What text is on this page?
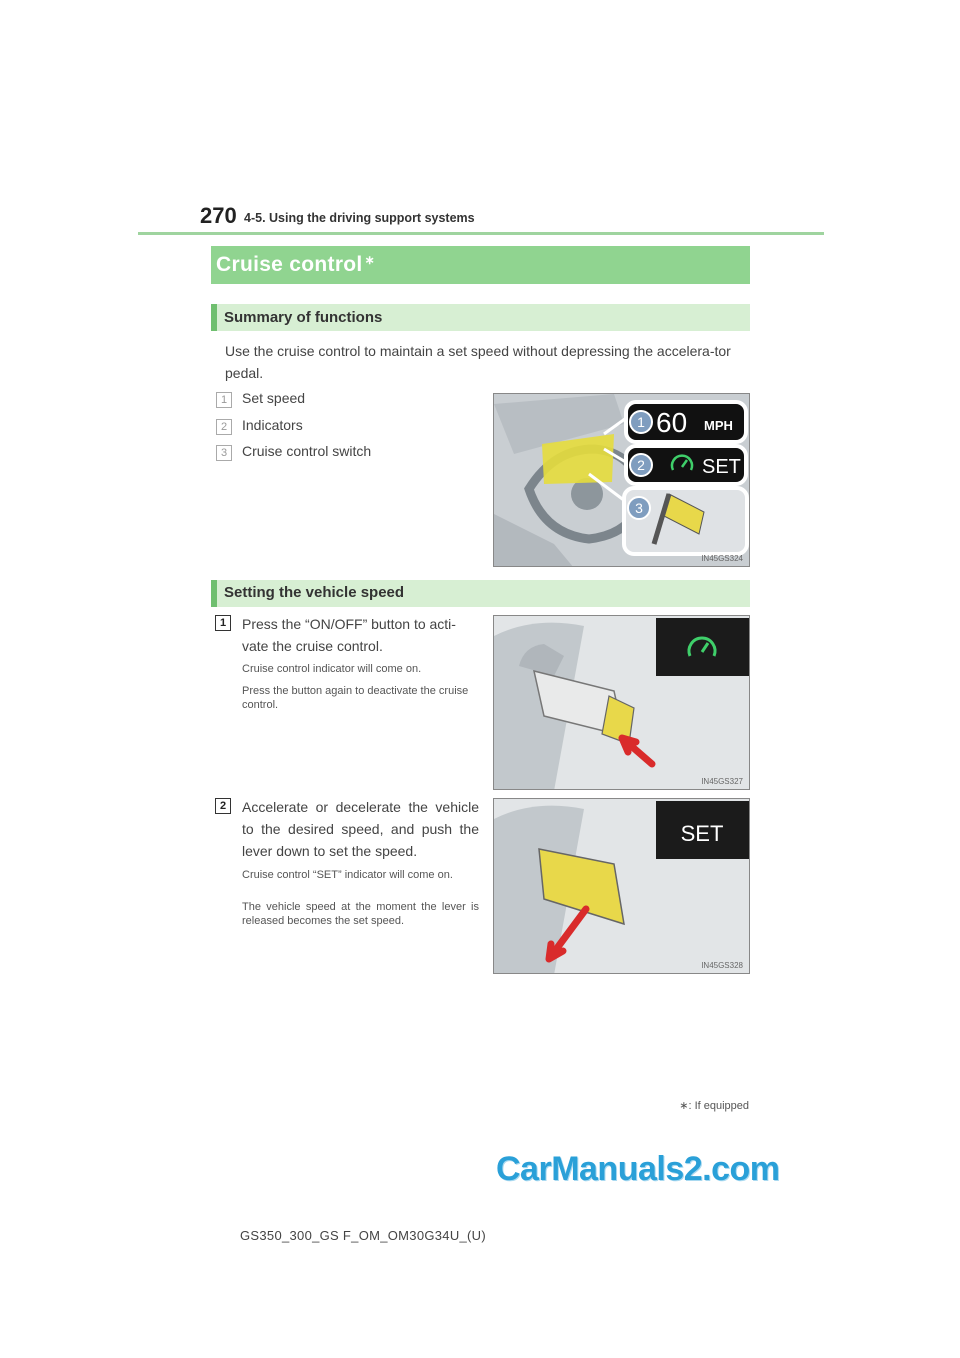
270 4-5. Using the driving support systems
Cruise control ∗
Summary of functions
Use the cruise control to maintain a set speed without depressing the accelera-tor pedal.
1	Set speed
2	Indicators
3	Cruise control switch
1 60 MPH
2	SET
3
IN45GS324
Setting the vehicle speed
1	Press the “ON/OFF” button to acti-vate the cruise control.
Cruise control indicator will come on.
Press the button again to deactivate the cruise control.
IN45GS327
2	Accelerate or decelerate the vehicle to the desired speed, and push the lever down to set the speed.
Cruise control “SET” indicator will come on.
The vehicle speed at the moment the lever is released becomes the set speed.
SET
IN45GS328
∗: If equipped
CarManuals2.com
GS350_300_GS F_OM_OM30G34U_(U)
